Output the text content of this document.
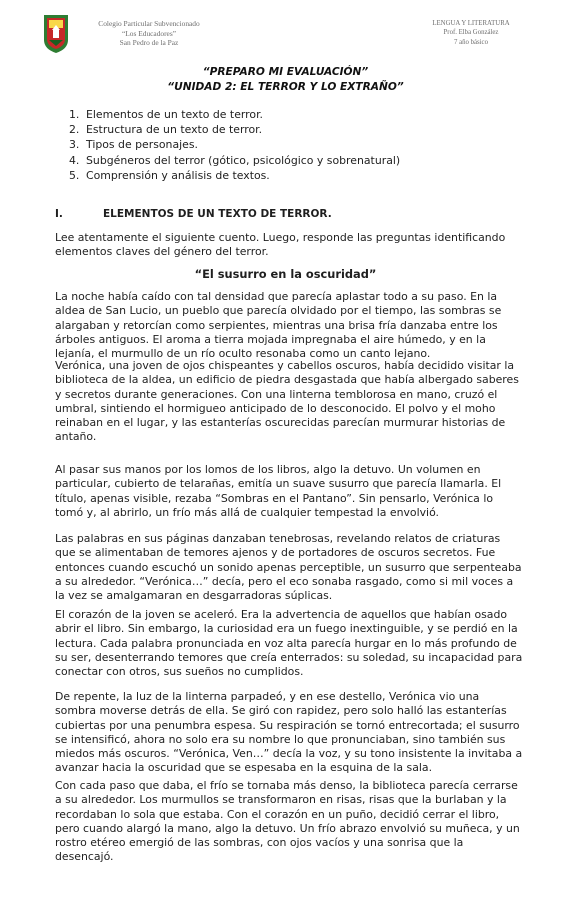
Colegio Particular Subvencionado
“Los Educadores”
San Pedro de la Paz
LENGUA Y LITERATURA
Prof. Elba González
7 año básico
“PREPARO MI EVALUACIÓN”
“UNIDAD 2: EL TERROR Y LO EXTRAÑO”
1. Elementos de un texto de terror.
2. Estructura de un texto de terror.
3. Tipos de personajes.
4. Subgéneros del terror (gótico, psicológico y sobrenatural)
5. Comprensión y análisis de textos.
I.	ELEMENTOS DE UN TEXTO DE TERROR.

Lee atentamente el siguiente cuento. Luego, responde las preguntas identificando elementos claves del género del terror.

“El susurro en la oscuridad”

La noche había caído con tal densidad que parecía aplastar todo a su paso. En la aldea de San Lucio, un pueblo que parecía olvidado por el tiempo, las sombras se alargaban y retorcían como serpientes, mientras una brisa fría danzaba entre los árboles antiguos. El aroma a tierra mojada impregnaba el aire húmedo, y en la lejanía, el murmullo de un río oculto resonaba como un canto lejano.

Verónica, una joven de ojos chispeantes y cabellos oscuros, había decidido visitar la biblioteca de la aldea, un edificio de piedra desgastada que había albergado saberes y secretos durante generaciones. Con una linterna temblorosa en mano, cruzó el umbral, sintiendo el hormigueo anticipado de lo desconocido. El polvo y el moho reinaban en el lugar, y las estanterías oscurecidas parecían murmurar historias de antaño.

Al pasar sus manos por los lomos de los libros, algo la detuvo. Un volumen en particular, cubierto de telarañas, emitía un suave susurro que parecía llamarla. El título, apenas visible, rezaba “Sombras en el Pantano”. Sin pensarlo, Verónica lo tomó y, al abrirlo, un frío más allá de cualquier tempestad la envolvió.

Las palabras en sus páginas danzaban tenebrosas, revelando relatos de criaturas que se alimentaban de temores ajenos y de portadores de oscuros secretos. Fue entonces cuando escuchó un sonido apenas perceptible, un susurro que serpenteaba a su alrededor. “Verónica…” decía, pero el eco sonaba rasgado, como si mil voces a la vez se amalgamaran en desgarradoras súplicas.

El corazón de la joven se aceleró. Era la advertencia de aquellos que habían osado abrir el libro. Sin embargo, la curiosidad era un fuego inextinguible, y se perdió en la lectura. Cada palabra pronunciada en voz alta parecía hurgar en lo más profundo de su ser, desenterrando temores que creía enterrados: su soledad, su incapacidad para conectar con otros, sus sueños no cumplidos.

De repente, la luz de la linterna parpadeó, y en ese destello, Verónica vio una sombra moverse detrás de ella. Se giró con rapidez, pero solo halló las estanterías cubiertas por una penumbra espesa. Su respiración se tornó entrecortada; el susurro se intensificó, ahora no solo era su nombre lo que pronunciaban, sino también sus miedos más oscuros. “Verónica, Ven…” decía la voz, y su tono insistente la invitaba a avanzar hacia la oscuridad que se espesaba en la esquina de la sala.

Con cada paso que daba, el frío se tornaba más denso, la biblioteca parecía cerrarse a su alrededor. Los murmullos se transformaron en risas, risas que la burlaban y la recordaban lo sola que estaba. Con el corazón en un puño, decidió cerrar el libro, pero cuando alargó la mano, algo la detuvo. Un frío abrazo envolvió su muñeca, y un rostro etéreo emergió de las sombras, con ojos vacíos y una sonrisa que la desencajó.
